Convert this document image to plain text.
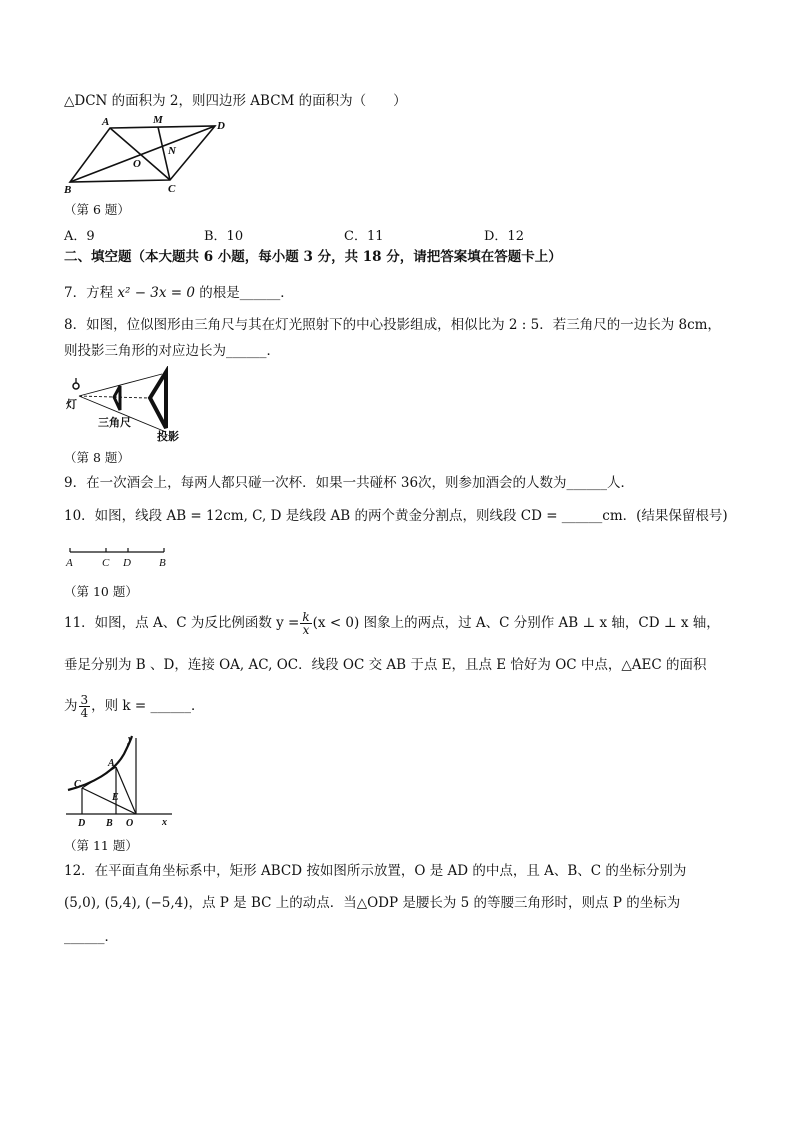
△DCN 的面积为 2，则四边形 ABCM 的面积为（　　）
A	M	D
N
O
B	C
（第 6 题）
A．9	B．10	C．11	D．12
二、填空题（本大题共 6 小题，每小题 3 分，共 18 分，请把答案填在答题卡上）
7．方程 x² − 3x = 0 的根是______．
8．如图，位似图形由三角尺与其在灯光照射下的中心投影组成，相似比为 2 : 5．若三角尺的一边长为 8cm，
则投影三角形的对应边长为______．
灯
三角尺
投影
（第 8 题）
9．在一次酒会上，每两人都只碰一次杯．如果一共碰杯 36次，则参加酒会的人数为______人．
10．如图，线段 AB = 12cm, C, D 是线段 AB 的两个黄金分割点，则线段 CD = ______cm．(结果保留根号)
A	C D	B
（第 10 题）
11．如图，点 A、C 为反比例函数 $y = \frac{k}{x} (x < 0)$ 图象上的两点，过 A、C 分别作 AB ⊥ x 轴，CD ⊥ x 轴，
垂足分别为 B 、D，连接 OA, AC, OC．线段 OC 交 AB 于点 E，且点 E 恰好为 OC 中点，△AEC 的面积
为 $\frac{3}{4}$ ，则 k = ______．
y
x
A
C
E
D B O
（第 11 题）
12．在平面直角坐标系中，矩形 ABCD 按如图所示放置，O 是 AD 的中点，且 A、B、C 的坐标分别为
(5,0), (5,4), (−5,4)，点 P 是 BC 上的动点．当△ODP 是腰长为 5 的等腰三角形时，则点 P 的坐标为
______．
